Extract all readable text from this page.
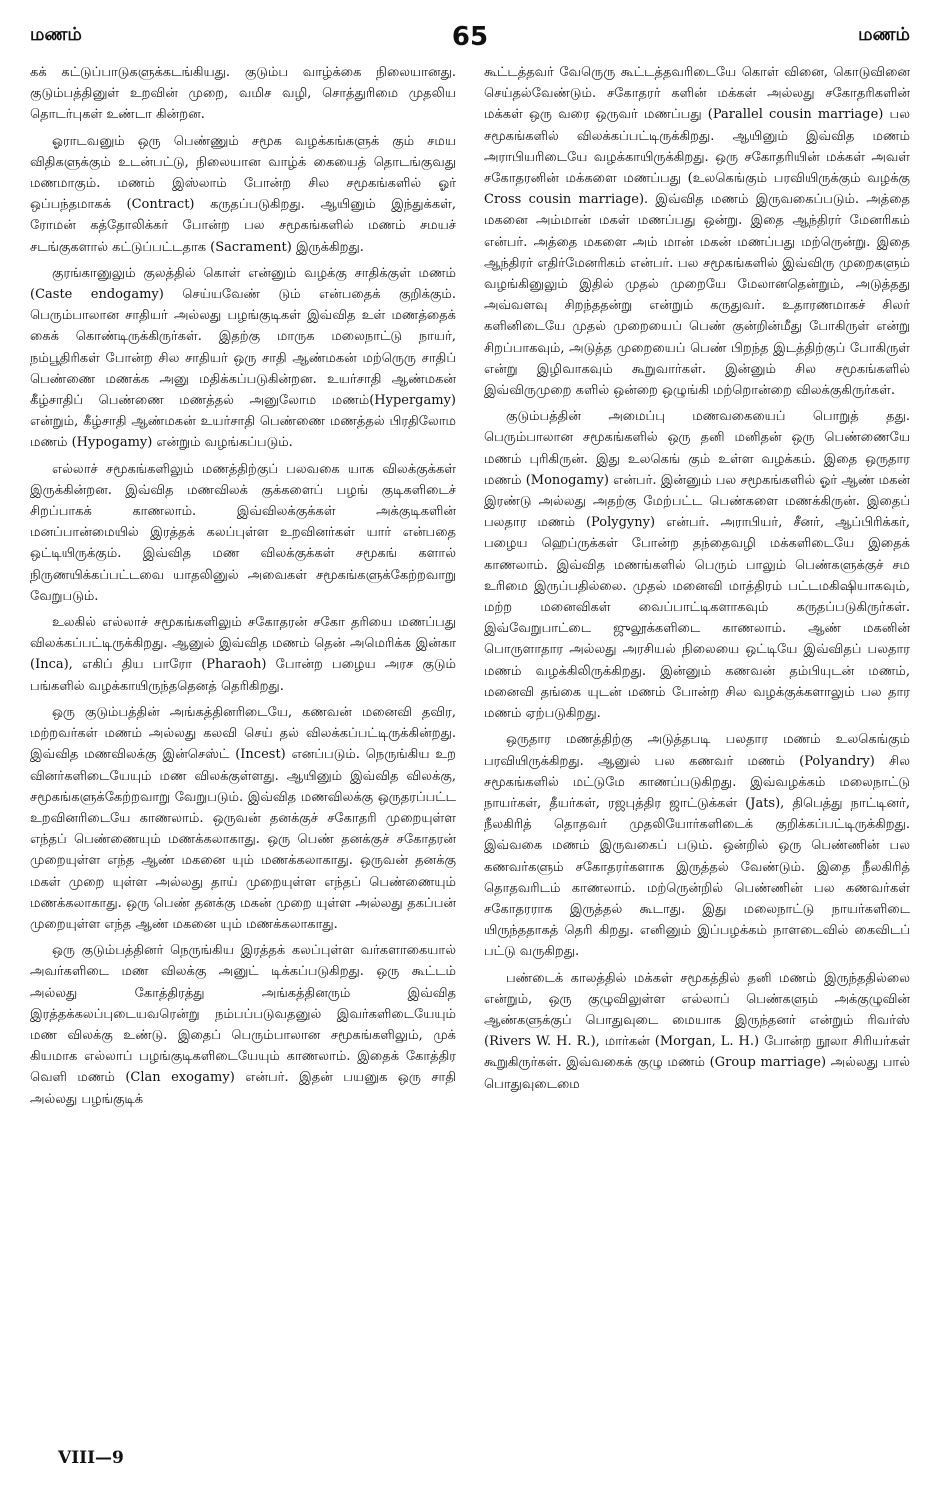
மணம்	65	மணம்

கக் கட்டுப்பாடுகளுக்கடங்கியது. குடும்ப வாழ்க்கை நிலையானது. குடும்பத்தினுள் உறவின் முறை, வமிச வழி, சொத்துரிமை முதலிய தொடர்புகள் உண்டா கின்றன.

ஓராடவனும் ஒரு பெண்ணும் சமூக வழக்கங்களுக் கும் சமய விதிகளுக்கும் உடன்பட்டு, நிலையான வாழ்க் கையைத் தொடங்குவது மணமாகும். மணம் இஸ்லாம் போன்ற சில சமூகங்களில் ஓர் ஒப்பந்தமாகக் (Contract) கருதப்படுகிறது. ஆயினும் இந்துக்கள், ரோமன் கத்தோலிக்கர் போன்ற பல சமூகங்களில் மணம் சமயச் சடங்குகளால் கட்டுப்பட்டதாக (Sacrament) இருக்கிறது.

குரங்கானுலும் குலத்தில் கொள் என்னும் வழக்கு சாதிக்குள் மணம் (Caste endogamy) செய்யவேண் டும் என்பதைக் குறிக்கும். பெரும்பாலான சாதியர் அல்லது பழங்குடிகள் இவ்வித உள் மணத்தைக் கைக் கொண்டிருக்கிருர்கள். இதற்கு மாருக மலைநாட்டு நாயர், நம்பூதிரிகள் போன்ற சில சாதியர் ஒரு சாதி ஆண்மகன் மற்ருெரு சாதிப் பெண்ணை மணக்க அனு மதிக்கப்படுகின்றன. உயர்சாதி ஆண்மகன் கீழ்சாதிப் பெண்ணை மணத்தல் அனுலோம மணம்(Hypergamy) என்றும், கீழ்சாதி ஆண்மகன் உயர்சாதி பெண்ணை மணத்தல் பிரதிலோம மணம் (Hypogamy) என்றும் வழங்கப்படும்.

எல்லாச் சமூகங்களிலும் மணத்திற்குப் பலவகை யாக விலக்குக்கள் இருக்கின்றன. இவ்வித மணவிலக் குக்களைப் பழங் குடிகளிடைச் சிறப்பாகக் காணலாம். இவ்விலக்குக்கள் அக்குடிகளின் மனப்பான்மையில் இரத்தக் கலப்புள்ள உறவினர்கள் யார் என்பதை ஒட்டியிருக்கும். இவ்வித மண விலக்குக்கள் சமூகங் களால் நிருணயிக்கப்பட்டவை யாதலினுல் அவைகள் சமூகங்களுக்கேற்றவாறு வேறுபடும்.

உலகில் எல்லாச் சமூகங்களிலும் சகோதரன் சகோ தரியை மணப்பது விலக்கப்பட்டிருக்கிறது. ஆனுல் இவ்வித மணம் தென் அமெரிக்க இன்கா (Inca), எகிப் திய பாரோ (Pharaoh) போன்ற பழைய அரச குடும் பங்களில் வழக்காயிருந்ததெனத் தெரிகிறது.

ஒரு குடும்பத்தின் அங்கத்தினரிடையே, கணவன் மனைவி தவிர, மற்றவர்கள் மணம் அல்லது கலவி செய் தல் விலக்கப்பட்டிருக்கின்றது. இவ்வித மணவிலக்கு இன்செஸ்ட் (Incest) எனப்படும். நெருங்கிய உற வினர்களிடையேயும் மண விலக்குள்ளது. ஆயினும் இவ்வித விலக்கு, சமூகங்களுக்கேற்றவாறு வேறுபடும். இவ்வித மணவிலக்கு ஒருதரப்பட்ட உறவினரிடையே காணலாம். ஒருவன் தனக்குச் சகோதரி முறையுள்ள எந்தப் பெண்ணையும் மணக்கலாகாது. ஒரு பெண் தனக்குச் சகோதரன் முறையுள்ள எந்த ஆண் மகனை யும் மணக்கலாகாது. ஒருவன் தனக்கு மகள் முறை யுள்ள அல்லது தாய் முறையுள்ள எந்தப் பெண்ணையும் மணக்கலாகாது. ஒரு பெண் தனக்கு மகன் முறை யுள்ள அல்லது தகப்பன் முறையுள்ள எந்த ஆண் மகனை யும் மணக்கலாகாது.

ஒரு குடும்பத்தினர் நெருங்கிய இரத்தக் கலப்புள்ள வர்களாகையால் அவர்களிடை மண விலக்கு அனுட் டிக்கப்படுகிறது. ஒரு கூட்டம் அல்லது கோத்திரத்து அங்கத்தினரும் இவ்வித இரத்தக்கலப்புடையவரென்று நம்பப்படுவதனுல் இவர்களிடையேயும் மண விலக்கு உண்டு. இதைப் பெரும்பாலான சமூகங்களிலும், முக் கியமாக எல்லாப் பழங்குடிகளிடையேயும் காணலாம். இதைக் கோத்திர வெளி மணம் (Clan exogamy) என்பர். இதன் பயனுக ஒரு சாதி அல்லது பழங்குடிக்

கூட்டத்தவர் வேருெரு கூட்டத்தவரிடையே கொள் வினை, கொடுவினை செய்தல்வேண்டும். சகோதரர் களின் மக்கள் அல்லது சகோதரிகளின் மக்கள் ஒரு வரை ஒருவர் மணப்பது (Parallel cousin marriage) பல சமூகங்களில் விலக்கப்பட்டிருக்கிறது. ஆயினும் இவ்வித மணம் அராபியரிடையே வழக்காயிருக்கிறது. ஒரு சகோதரியின் மக்கள் அவள் சகோதரனின் மக்களை மணப்பது (உலகெங்கும் பரவியிருக்கும் வழக்கு Cross cousin marriage). இவ்வித மணம் இருவகைப்படும். அத்தை மகனை அம்மான் மகள் மணப்பது ஒன்று. இதை ஆந்திரர் மேனரிகம் என்பர். அத்தை மகளை அம் மான் மகன் மணப்பது மற்ருென்று. இதை ஆந்திரர் எதிர்மேனரிகம் என்பர். பல சமூகங்களில் இவ்விரு முறைகளும் வழங்கினுலும் இதில் முதல் முறையே மேலானதென்றும், அடுத்தது அவ்வளவு சிறந்ததன்று என்றும் கருதுவர். உதாரணமாகச் சிலர் களினிடையே முதல் முறையைப் பெண் குன்றின்மீது போகிருள் என்று சிறப்பாகவும், அடுத்த முறையைப் பெண் பிறந்த இடத்திற்குப் போகிருள் என்று இழிவாகவும் கூறுவார்கள். இன்னும் சில சமூகங்களில் இவ்விருமுறை களில் ஒன்றை ஒழுங்கி மற்றொன்றை விலக்குகிருர்கள்.

குடும்பத்தின் அமைப்பு மணவகையைப் பொறுத் தது. பெரும்பாலான சமூகங்களில் ஒரு தனி மனிதன் ஒரு பெண்ணையே மணம் புரிகிருன். இது உலகெங் கும் உள்ள வழக்கம். இதை ஒருதார மணம் (Monogamy) என்பர். இன்னும் பல சமூகங்களில் ஓர் ஆண் மகன் இரண்டு அல்லது அதற்கு மேற்பட்ட பெண்களை மணக்கிருன். இதைப் பலதார மணம் (Polygyny) என்பர். அராபியர், சீனர், ஆப்பிரிக்கர், பழைய ஹெப்ருக்கள் போன்ற தந்தைவழி மக்களிடையே இதைக் காணலாம். இவ்வித மணங்களில் பெரும் பாலும் பெண்களுக்குச் சம உரிமை இருப்பதில்லை. முதல் மனைவி மாத்திரம் பட்டமகிஷியாகவும், மற்ற மனைவிகள் வைப்பாட்டிகளாகவும் கருதப்படுகிருர்கள். இவ்வேறுபாட்டை ஜுலூக்களிடை காணலாம். ஆண் மகனின் பொருளாதார அல்லது அரசியல் நிலையை ஒட்டியே இவ்விதப் பலதார மணம் வழக்கிலிருக்கிறது. இன்னும் கணவன் தம்பியுடன் மணம், மனைவி தங்கை யுடன் மணம் போன்ற சில வழக்குக்களாலும் பல தார மணம் ஏற்படுகிறது.

ஒருதார மணத்திற்கு அடுத்தபடி பலதார மணம் உலகெங்கும் பரவியிருக்கிறது. ஆனுல் பல கணவர் மணம் (Polyandry) சில சமூகங்களில் மட்டுமே காணப்படுகிறது. இவ்வழக்கம் மலைநாட்டு நாயர்கள், தீயர்கள், ரஜபுத்திர ஜாட்டுக்கள் (Jats), திபெத்து நாட்டினர், நீலகிரித் தொதவர் முதலியோர்களிடைக் குறிக்கப்பட்டிருக்கிறது. இவ்வகை மணம் இருவகைப் படும். ஒன்றில் ஒரு பெண்ணின் பல கணவர்களும் சகோதரர்களாக இருத்தல் வேண்டும். இதை நீலகிரித் தொதவரிடம் காணலாம். மற்ருென்றில் பெண்ணின் பல கணவர்கள் சகோதரராக இருத்தல் கூடாது. இது மலைநாட்டு நாயர்களிடை யிருந்ததாகத் தெரி கிறது. எனினும் இப்பழக்கம் நாளடைவில் கைவிடப் பட்டு வருகிறது.

பண்டைக் காலத்தில் மக்கள் சமூகத்தில் தனி மணம் இருந்ததில்லை என்றும், ஒரு குழுவிலுள்ள எல்லாப் பெண்களும் அக்குழுவின் ஆண்களுக்குப் பொதுவுடை மையாக இருந்தனர் என்றும் ரிவர்ஸ் (Rivers W. H. R.), மார்கன் (Morgan, L. H.) போன்ற நூலா சிரியர்கள் கூறுகிருர்கள். இவ்வகைக் குழு மணம் (Group marriage) அல்லது பால் பொதுவுடைமை

VIII—9
